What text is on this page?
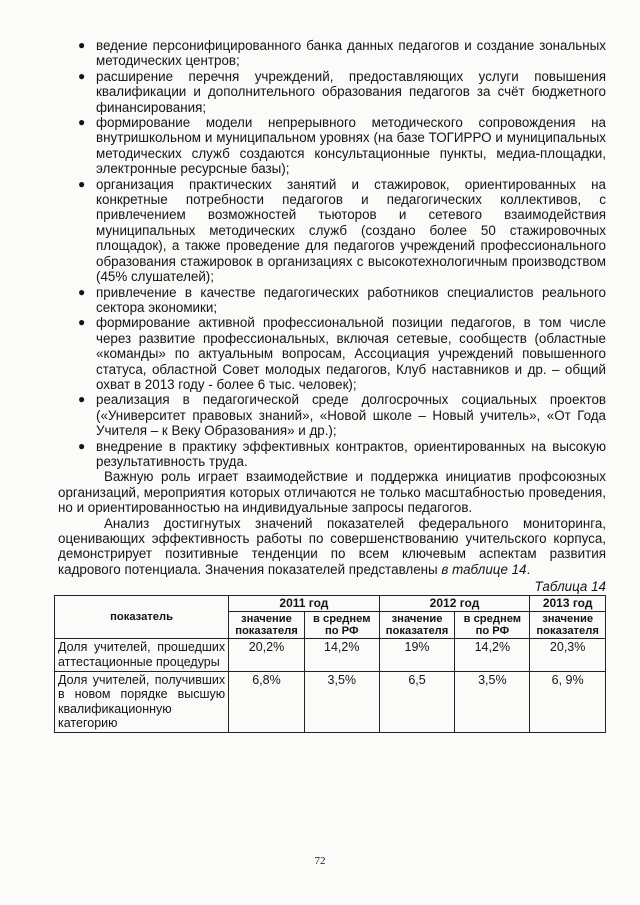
● ведение персонифицированного банка данных педагогов и создание зональных методических центров;
● расширение перечня учреждений, предоставляющих услуги повышения квалификации и дополнительного образования педагогов за счёт бюджетного финансирования;
● формирование модели непрерывного методического сопровождения на внутришкольном и муниципальном уровнях (на базе ТОГИРРО и муниципальных методических служб создаются консультационные пункты, медиа-площадки, электронные ресурсные базы);
● организация практических занятий и стажировок, ориентированных на конкретные потребности педагогов и педагогических коллективов, с привлечением возможностей тьюторов и сетевого взаимодействия муниципальных методических служб (создано более 50 стажировочных площадок), а также проведение для педагогов учреждений профессионального образования стажировок в организациях с высокотехнологичным производством (45% слушателей);
● привлечение в качестве педагогических работников специалистов реального сектора экономики;
● формирование активной профессиональной позиции педагогов, в том числе через развитие профессиональных, включая сетевые, сообществ (областные «команды» по актуальным вопросам, Ассоциация учреждений повышенного статуса, областной Совет молодых педагогов, Клуб наставников и др. – общий охват в 2013 году - более 6 тыс. человек);
● реализация в педагогической среде долгосрочных социальных проектов («Университет правовых знаний», «Новой школе – Новый учитель», «От Года Учителя – к Веку Образования» и др.);
● внедрение в практику эффективных контрактов, ориентированных на высокую результативность труда.

Важную роль играет взаимодействие и поддержка инициатив профсоюзных организаций, мероприятия которых отличаются не только масштабностью проведения, но и ориентированностью на индивидуальные запросы педагогов.

Анализ достигнутых значений показателей федерального мониторинга, оценивающих эффективность работы по совершенствованию учительского корпуса, демонстрирует позитивные тенденции по всем ключевым аспектам развития кадрового потенциала. Значения показателей представлены в таблице 14.

Таблица 14
показатель	2011 год		2012 год		2013 год
	значение показателя	в среднем по РФ	значение показателя	в среднем по РФ	значение показателя
Доля учителей, прошедших аттестационные процедуры	20,2%	14,2%	19%	14,2%	20,3%
Доля учителей, получивших в новом порядке высшую квалификационную категорию	6,8%	3,5%	6,5	3,5%	6, 9%
72
